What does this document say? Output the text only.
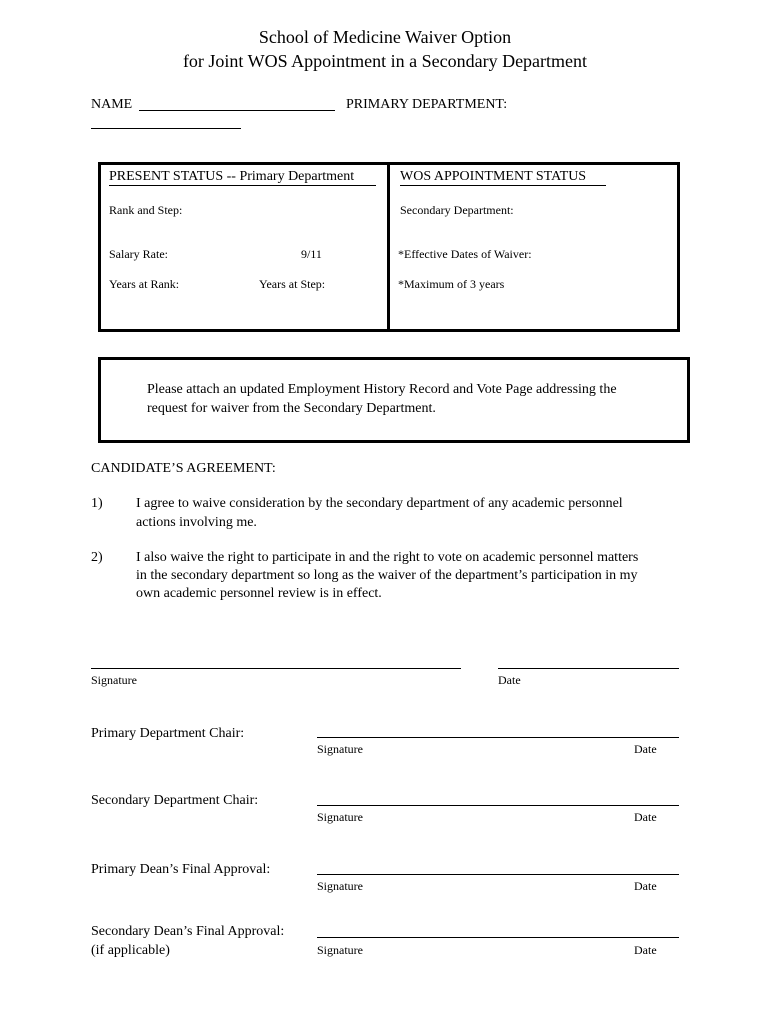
School of Medicine Waiver Option
for Joint WOS Appointment in a Secondary Department
NAME	PRIMARY DEPARTMENT:
PRESENT STATUS -- Primary Department
Rank and Step:
Salary Rate:	9/11
Years at Rank:	Years at Step:
WOS APPOINTMENT STATUS
Secondary Department:
*Effective Dates of Waiver:
*Maximum of 3 years
Please attach an updated Employment History Record and Vote Page addressing the
request for waiver from the Secondary Department.
CANDIDATE’S AGREEMENT:
1) I agree to waive consideration by the secondary department of any academic personnel
actions involving me.
2) I also waive the right to participate in and the right to vote on academic personnel matters
in the secondary department so long as the waiver of the department’s participation in my
own academic personnel review is in effect.
Signature	Date
Primary Department Chair:
Signature	Date
Secondary Department Chair:
Signature	Date
Primary Dean’s Final Approval:
Signature	Date
Secondary Dean’s Final Approval:
(if applicable)	Signature	Date
